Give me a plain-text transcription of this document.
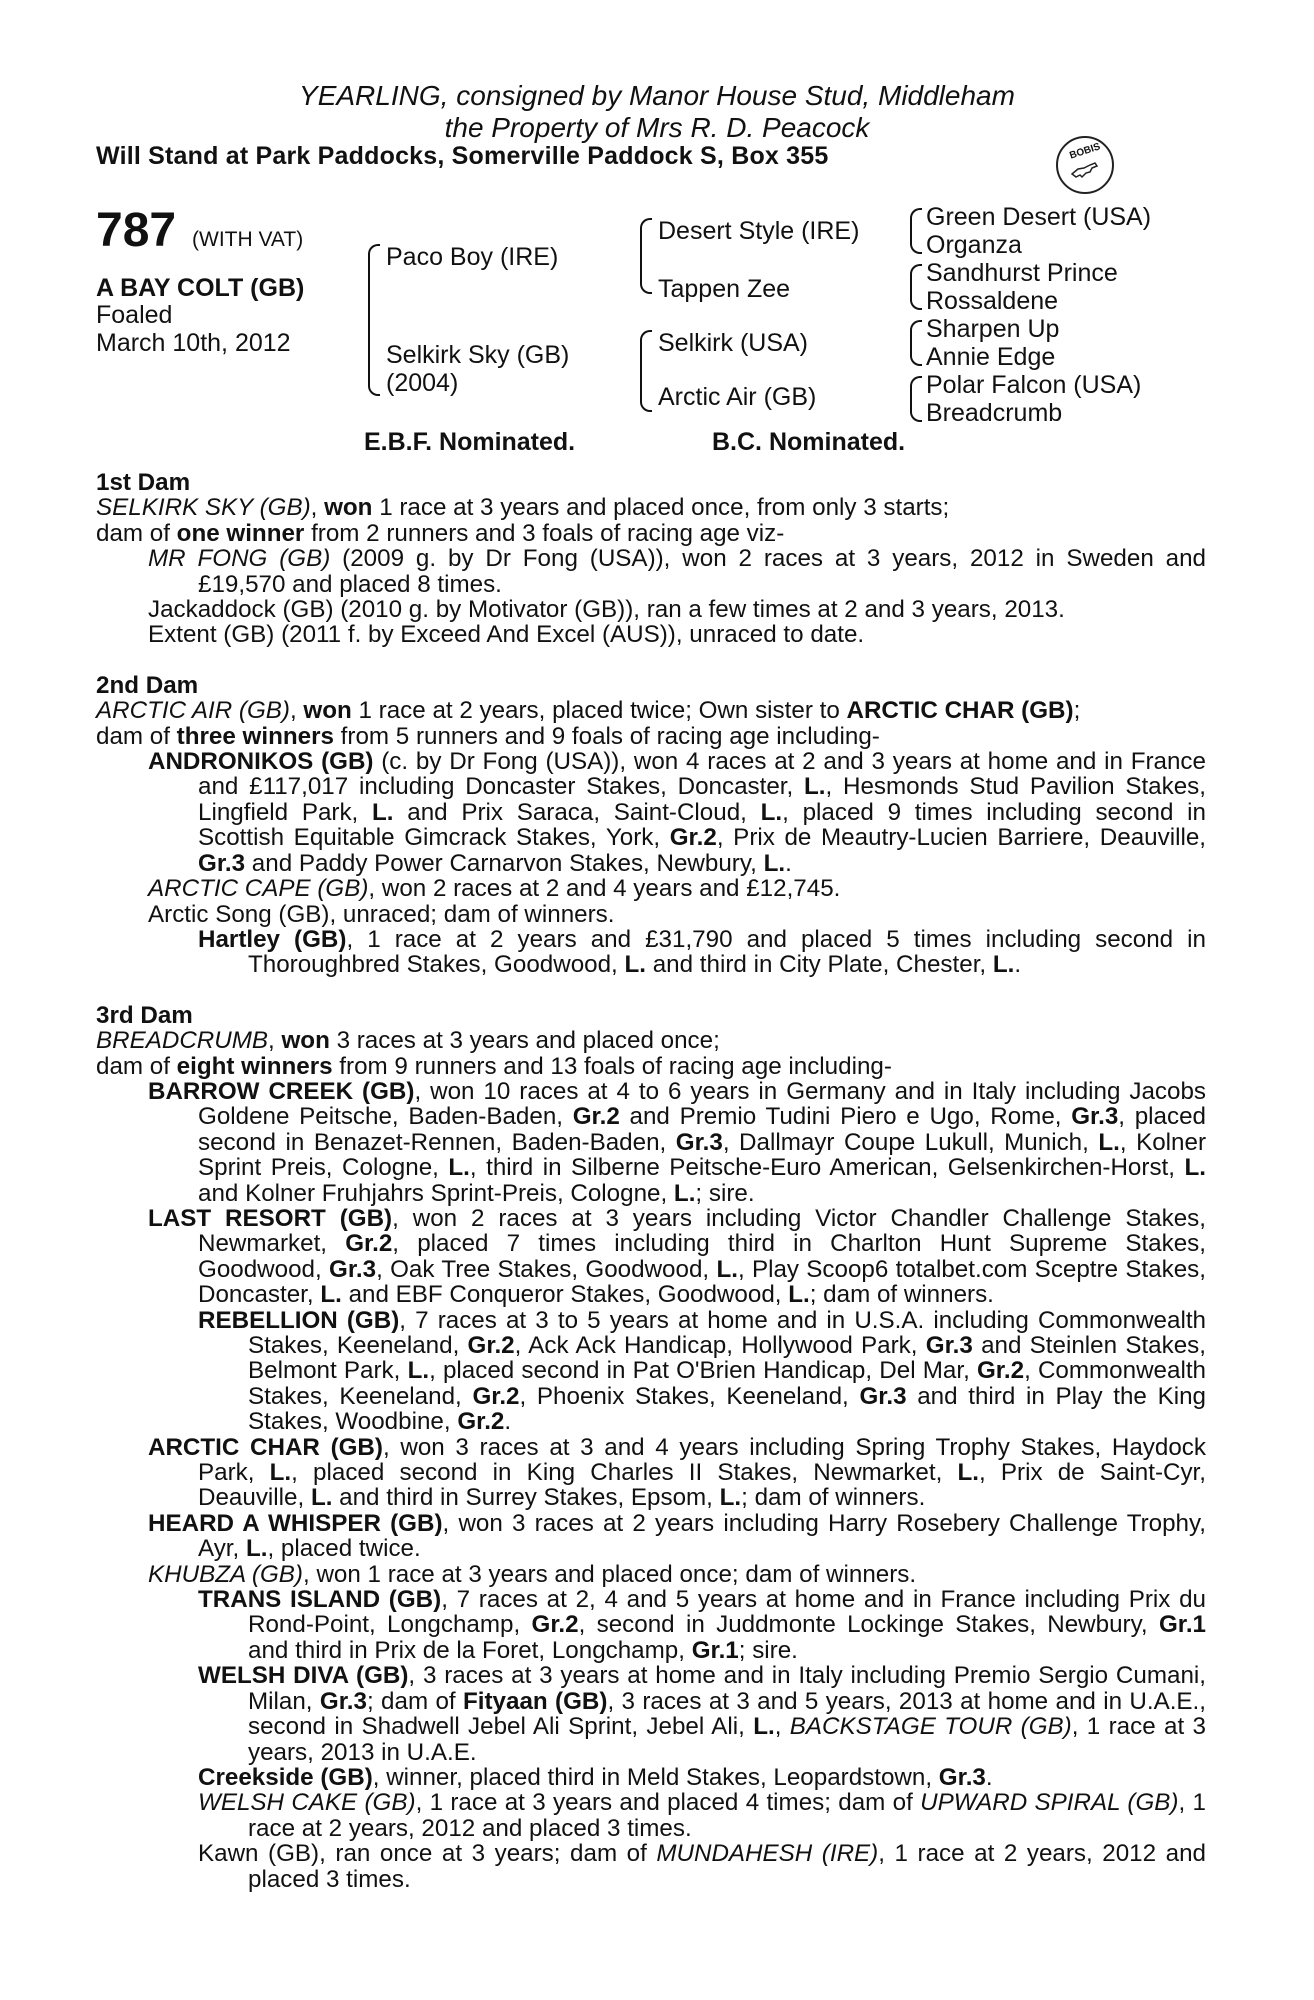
YEARLING, consigned by Manor House Stud, Middleham
the Property of Mrs R. D. Peacock
Will Stand at Park Paddocks, Somerville Paddock S, Box 355	BOBIS
787 (WITH VAT)
A BAY COLT (GB)
Foaled
March 10th, 2012
Paco Boy (IRE)
Selkirk Sky (GB)
(2004)
Desert Style (IRE)
Tappen Zee
Selkirk (USA)
Arctic Air (GB)
Green Desert (USA)
Organza
Sandhurst Prince
Rossaldene
Sharpen Up
Annie Edge
Polar Falcon (USA)
Breadcrumb
E.B.F. Nominated.	B.C. Nominated.

1st Dam

SELKIRK SKY (GB), won 1 race at 3 years and placed once, from only 3 starts;

dam of one winner from 2 runners and 3 foals of racing age viz-

MR FONG (GB) (2009 g. by Dr Fong (USA)), won 2 races at 3 years, 2012 in Sweden and £19,570 and placed 8 times.

Jackaddock (GB) (2010 g. by Motivator (GB)), ran a few times at 2 and 3 years, 2013.

Extent (GB) (2011 f. by Exceed And Excel (AUS)), unraced to date.

2nd Dam

ARCTIC AIR (GB), won 1 race at 2 years, placed twice; Own sister to ARCTIC CHAR (GB);

dam of three winners from 5 runners and 9 foals of racing age including-

ANDRONIKOS (GB) (c. by Dr Fong (USA)), won 4 races at 2 and 3 years at home and in France and £117,017 including Doncaster Stakes, Doncaster, L., Hesmonds Stud Pavilion Stakes, Lingfield Park, L. and Prix Saraca, Saint-Cloud, L., placed 9 times including second in Scottish Equitable Gimcrack Stakes, York, Gr.2, Prix de Meautry-Lucien Barriere, Deauville, Gr.3 and Paddy Power Carnarvon Stakes, Newbury, L..

ARCTIC CAPE (GB), won 2 races at 2 and 4 years and £12,745.

Arctic Song (GB), unraced; dam of winners.

Hartley (GB), 1 race at 2 years and £31,790 and placed 5 times including second in Thoroughbred Stakes, Goodwood, L. and third in City Plate, Chester, L..

3rd Dam

BREADCRUMB, won 3 races at 3 years and placed once;

dam of eight winners from 9 runners and 13 foals of racing age including-

BARROW CREEK (GB), won 10 races at 4 to 6 years in Germany and in Italy including Jacobs Goldene Peitsche, Baden-Baden, Gr.2 and Premio Tudini Piero e Ugo, Rome, Gr.3, placed second in Benazet-Rennen, Baden-Baden, Gr.3, Dallmayr Coupe Lukull, Munich, L., Kolner Sprint Preis, Cologne, L., third in Silberne Peitsche-Euro American, Gelsenkirchen-Horst, L. and Kolner Fruhjahrs Sprint-Preis, Cologne, L.; sire.

LAST RESORT (GB), won 2 races at 3 years including Victor Chandler Challenge Stakes, Newmarket, Gr.2, placed 7 times including third in Charlton Hunt Supreme Stakes, Goodwood, Gr.3, Oak Tree Stakes, Goodwood, L., Play Scoop6 totalbet.com Sceptre Stakes, Doncaster, L. and EBF Conqueror Stakes, Goodwood, L.; dam of winners.

REBELLION (GB), 7 races at 3 to 5 years at home and in U.S.A. including Commonwealth Stakes, Keeneland, Gr.2, Ack Ack Handicap, Hollywood Park, Gr.3 and Steinlen Stakes, Belmont Park, L., placed second in Pat O'Brien Handicap, Del Mar, Gr.2, Commonwealth Stakes, Keeneland, Gr.2, Phoenix Stakes, Keeneland, Gr.3 and third in Play the King Stakes, Woodbine, Gr.2.

ARCTIC CHAR (GB), won 3 races at 3 and 4 years including Spring Trophy Stakes, Haydock Park, L., placed second in King Charles II Stakes, Newmarket, L., Prix de Saint-Cyr, Deauville, L. and third in Surrey Stakes, Epsom, L.; dam of winners.

HEARD A WHISPER (GB), won 3 races at 2 years including Harry Rosebery Challenge Trophy, Ayr, L., placed twice.

KHUBZA (GB), won 1 race at 3 years and placed once; dam of winners.

TRANS ISLAND (GB), 7 races at 2, 4 and 5 years at home and in France including Prix du Rond-Point, Longchamp, Gr.2, second in Juddmonte Lockinge Stakes, Newbury, Gr.1 and third in Prix de la Foret, Longchamp, Gr.1; sire.

WELSH DIVA (GB), 3 races at 3 years at home and in Italy including Premio Sergio Cumani, Milan, Gr.3; dam of Fityaan (GB), 3 races at 3 and 5 years, 2013 at home and in U.A.E., second in Shadwell Jebel Ali Sprint, Jebel Ali, L., BACKSTAGE TOUR (GB), 1 race at 3 years, 2013 in U.A.E.

Creekside (GB), winner, placed third in Meld Stakes, Leopardstown, Gr.3.

WELSH CAKE (GB), 1 race at 3 years and placed 4 times; dam of UPWARD SPIRAL (GB), 1 race at 2 years, 2012 and placed 3 times.

Kawn (GB), ran once at 3 years; dam of MUNDAHESH (IRE), 1 race at 2 years, 2012 and placed 3 times.
